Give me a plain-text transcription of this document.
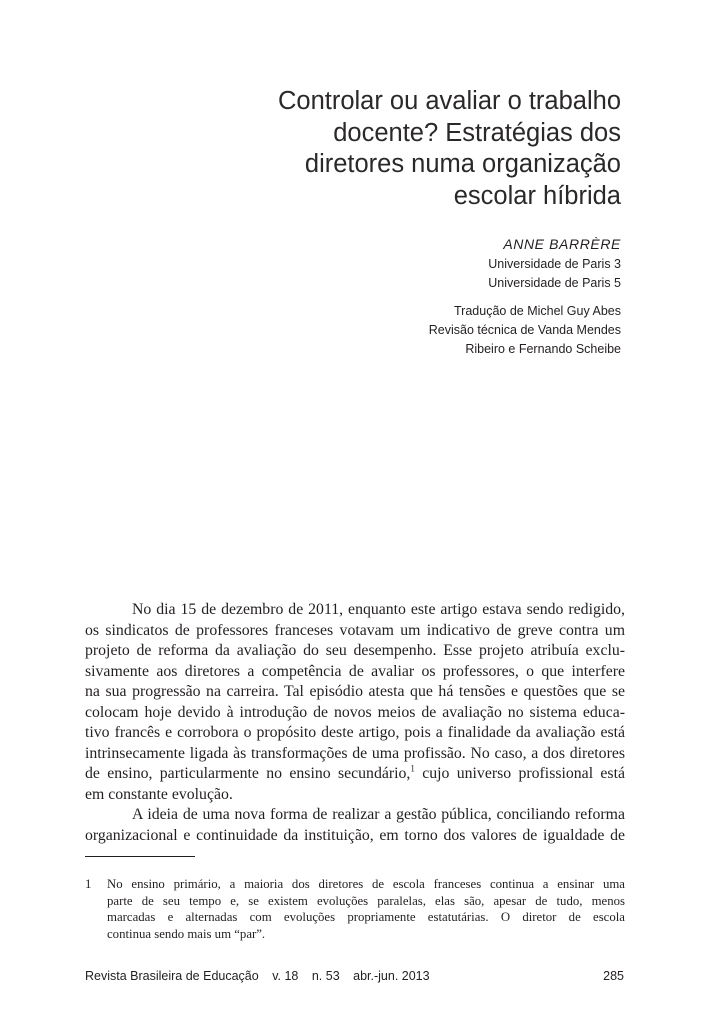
Controlar ou avaliar o trabalho
docente? Estratégias dos
diretores numa organização
escolar híbrida
ANNE BARRÈRE
Universidade de Paris 3
Universidade de Paris 5
Tradução de Michel Guy Abes
Revisão técnica de Vanda Mendes
Ribeiro e Fernando Scheibe
No dia 15 de dezembro de 2011, enquanto este artigo estava sendo redigido,
os sindicatos de professores franceses votavam um indicativo de greve contra um
projeto de reforma da avaliação do seu desempenho. Esse projeto atribuía exclu-
sivamente aos diretores a competência de avaliar os professores, o que interfere
na sua progressão na carreira. Tal episódio atesta que há tensões e questões que se
colocam hoje devido à introdução de novos meios de avaliação no sistema educa-
tivo francês e corrobora o propósito deste artigo, pois a finalidade da avaliação está
intrinsecamente ligada às transformações de uma profissão. No caso, a dos diretores
de ensino, particularmente no ensino secundário,$^1$ cujo universo profissional está
em constante evolução.
A ideia de uma nova forma de realizar a gestão pública, conciliando reforma
organizacional e continuidade da instituição, em torno dos valores de igualdade de
1 No ensino primário, a maioria dos diretores de escola franceses continua a ensinar uma
parte de seu tempo e, se existem evoluções paralelas, elas são, apesar de tudo, menos
marcadas e alternadas com evoluções propriamente estatutárias. O diretor de escola
continua sendo mais um “par”.
Revista Brasileira de Educação v. 18 n. 53 abr.-jun. 2013	285
